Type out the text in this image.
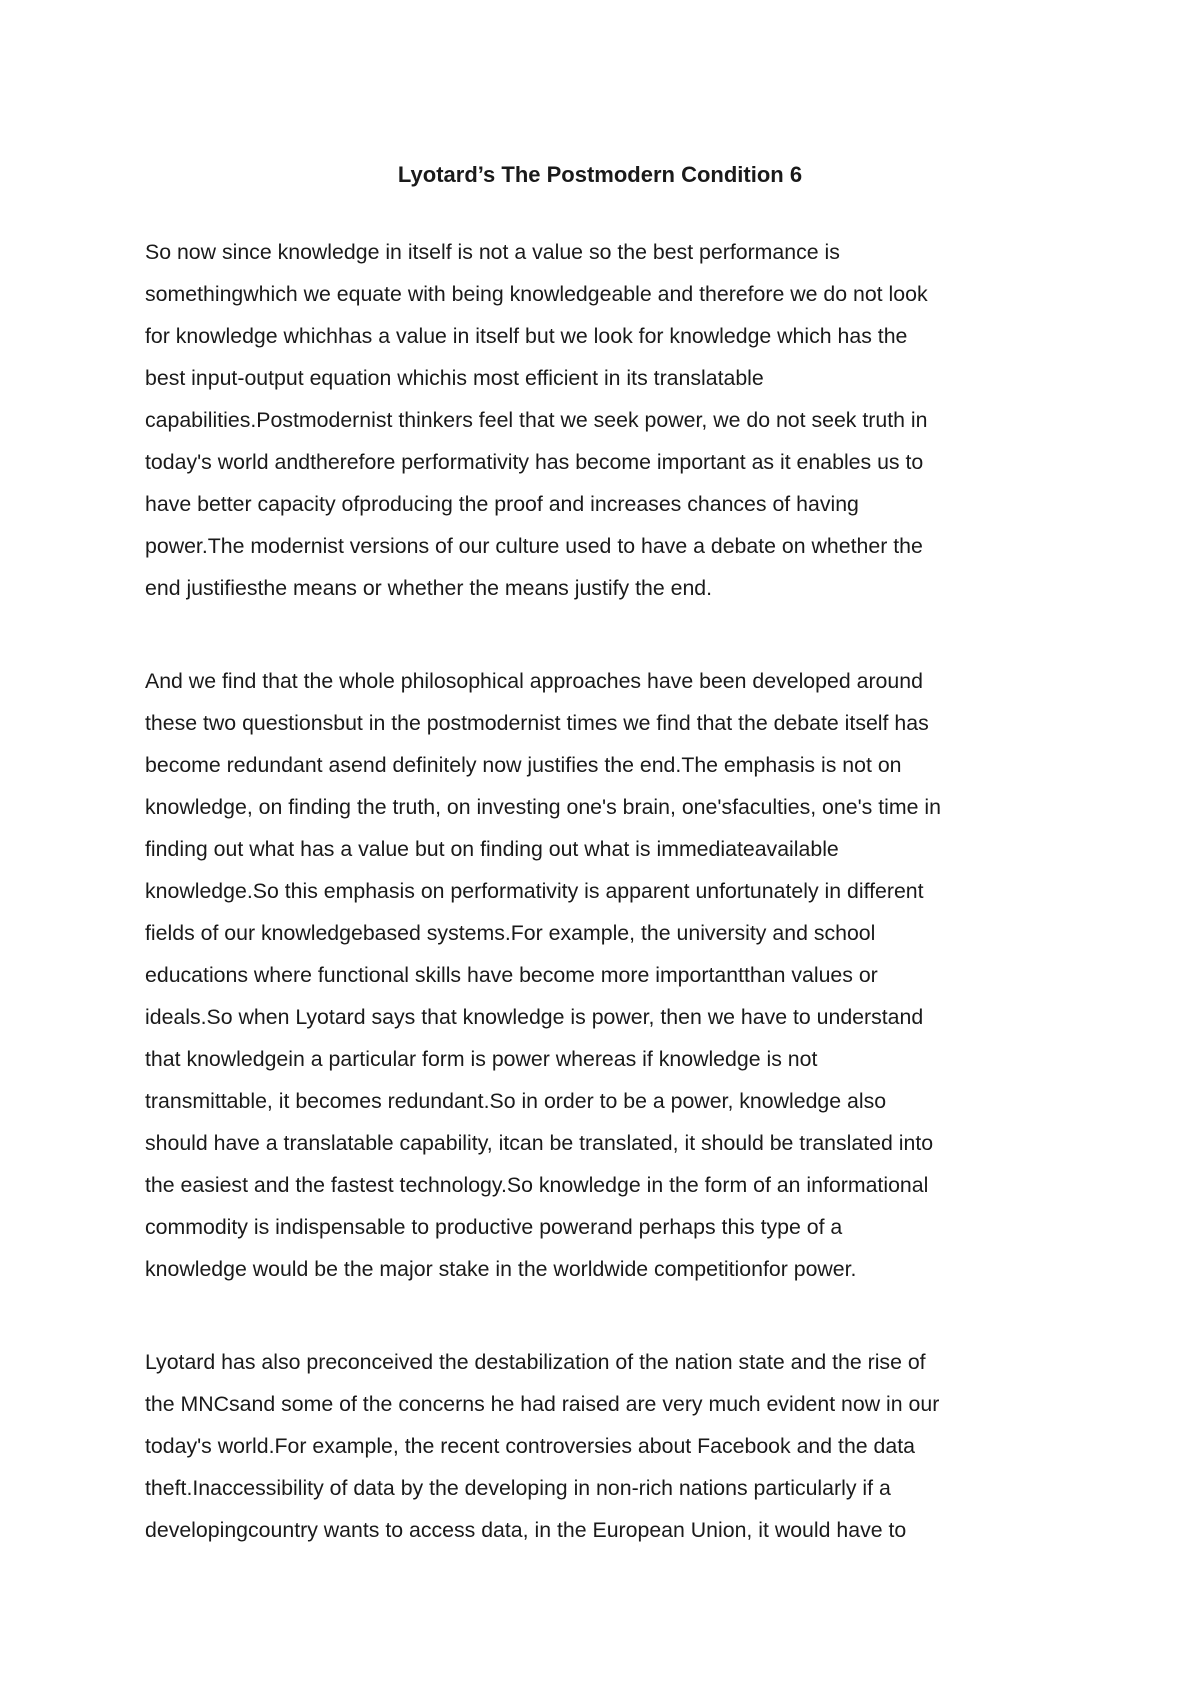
Lyotard’s The Postmodern Condition 6

So now since knowledge in itself is not a value so the best performance is
somethingwhich we equate with being knowledgeable and therefore we do not look
for knowledge whichhas a value in itself but we look for knowledge which has the
best input-output equation whichis most efficient in its translatable
capabilities.Postmodernist thinkers feel that we seek power, we do not seek truth in
today's world andtherefore performativity has become important as it enables us to
have better capacity ofproducing the proof and increases chances of having
power.The modernist versions of our culture used to have a debate on whether the
end justifiesthe means or whether the means justify the end.

And we find that the whole philosophical approaches have been developed around
these two questionsbut in the postmodernist times we find that the debate itself has
become redundant asend definitely now justifies the end.The emphasis is not on
knowledge, on finding the truth, on investing one's brain, one'sfaculties, one's time in
finding out what has a value but on finding out what is immediateavailable
knowledge.So this emphasis on performativity is apparent unfortunately in different
fields of our knowledgebased systems.For example, the university and school
educations where functional skills have become more importantthan values or
ideals.So when Lyotard says that knowledge is power, then we have to understand
that knowledgein a particular form is power whereas if knowledge is not
transmittable, it becomes redundant.So in order to be a power, knowledge also
should have a translatable capability, itcan be translated, it should be translated into
the easiest and the fastest technology.So knowledge in the form of an informational
commodity is indispensable to productive powerand perhaps this type of a
knowledge would be the major stake in the worldwide competitionfor power.

Lyotard has also preconceived the destabilization of the nation state and the rise of
the MNCsand some of the concerns he had raised are very much evident now in our
today's world.For example, the recent controversies about Facebook and the data
theft.Inaccessibility of data by the developing in non-rich nations particularly if a
developingcountry wants to access data, in the European Union, it would have to
